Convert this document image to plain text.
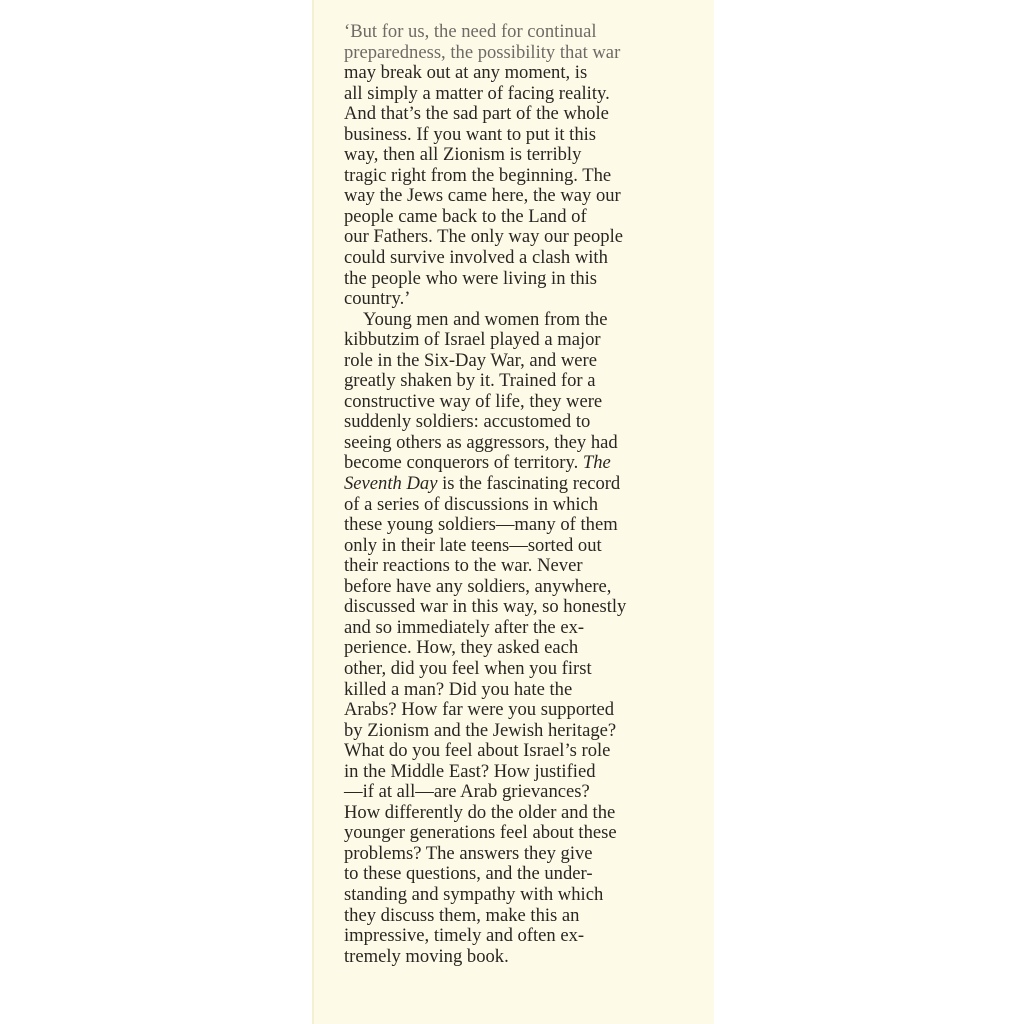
‘But for us, the need for continual
preparedness, the possibility that war
may break out at any moment, is
all simply a matter of facing reality.
And that’s the sad part of the whole
business. If you want to put it this
way, then all Zionism is terribly
tragic right from the beginning. The
way the Jews came here, the way our
people came back to the Land of
our Fathers. The only way our people
could survive involved a clash with
the people who were living in this
country.’
Young men and women from the
kibbutzim of Israel played a major
role in the Six-Day War, and were
greatly shaken by it. Trained for a
constructive way of life, they were
suddenly soldiers: accustomed to
seeing others as aggressors, they had
become conquerors of territory. The
Seventh Day is the fascinating record
of a series of discussions in which
these young soldiers—many of them
only in their late teens—sorted out
their reactions to the war. Never
before have any soldiers, anywhere,
discussed war in this way, so honestly
and so immediately after the ex-
perience. How, they asked each
other, did you feel when you first
killed a man? Did you hate the
Arabs? How far were you supported
by Zionism and the Jewish heritage?
What do you feel about Israel’s role
in the Middle East? How justified
—if at all—are Arab grievances?
How differently do the older and the
younger generations feel about these
problems? The answers they give
to these questions, and the under-
standing and sympathy with which
they discuss them, make this an
impressive, timely and often ex-
tremely moving book.
